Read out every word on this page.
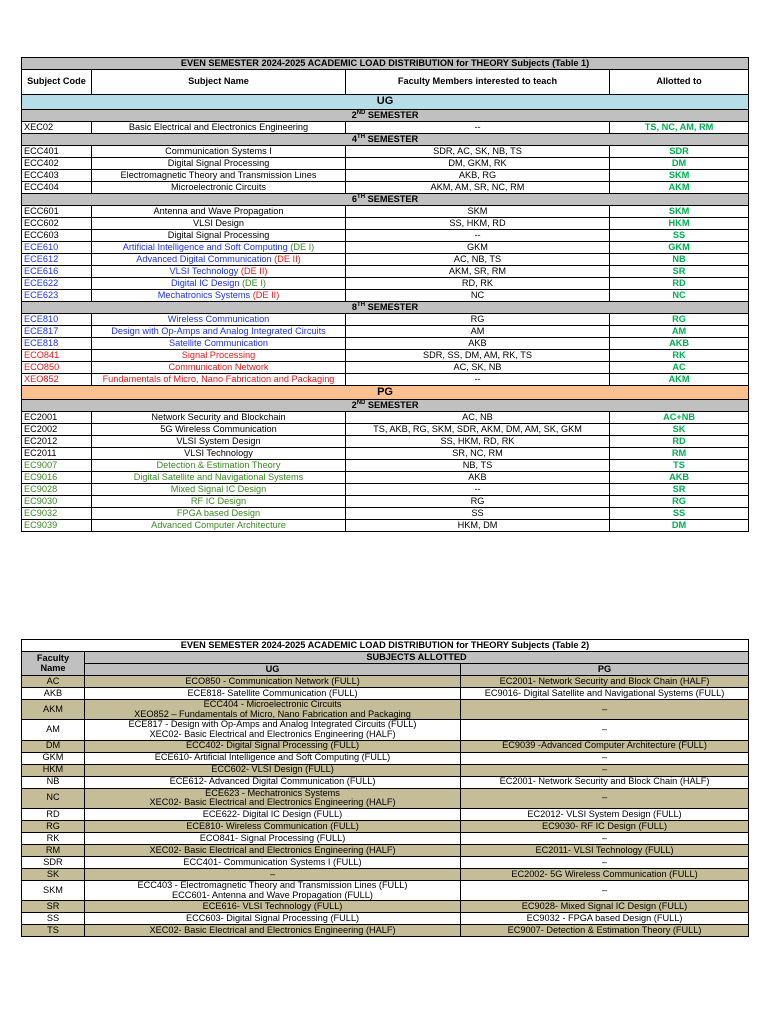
EVEN SEMESTER 2024-2025 ACADEMIC LOAD DISTRIBUTION for THEORY Subjects (Table 1)			
Subject Code	Subject Name	Faculty Members interested to teach	Allotted to
UG			
2ND SEMESTER			
XEC02	Basic Electrical and Electronics Engineering	--	TS, NC, AM, RM
4TH SEMESTER			
ECC401	Communication Systems I	SDR, AC, SK, NB, TS	SDR
ECC402	Digital Signal Processing	DM, GKM, RK	DM
ECC403	Electromagnetic Theory and Transmission Lines	AKB, RG	SKM
ECC404	Microelectronic Circuits	AKM, AM, SR, NC, RM	AKM
6TH SEMESTER			
ECC601	Antenna and Wave Propagation	SKM	SKM
ECC602	VLSI Design	SS, HKM, RD	HKM
ECC603	Digital Signal Processing	--	SS
ECE610	Artificial Intelligence and Soft Computing (DE I)	GKM	GKM
ECE612	Advanced Digital Communication (DE II)	AC, NB, TS	NB
ECE616	VLSI Technology (DE II)	AKM, SR, RM	SR
ECE622	Digital IC Design (DE I)	RD, RK	RD
ECE623	Mechatronics Systems (DE II)	NC	NC
8TH SEMESTER			
ECE810	Wireless Communication	RG	RG
ECE817	Design with Op-Amps and Analog Integrated Circuits	AM	AM
ECE818	Satellite Communication	AKB	AKB
ECO841	Signal Processing	SDR, SS, DM, AM, RK, TS	RK
ECO850	Communication Network	AC, SK, NB	AC
XEO852	Fundamentals of Micro, Nano Fabrication and Packaging	--	AKM
PG			
2ND SEMESTER			
EC2001	Network Security and Blockchain	AC, NB	AC+NB
EC2002	5G Wireless Communication	TS, AKB, RG, SKM, SDR, AKM, DM, AM, SK, GKM	SK
EC2012	VLSI System Design	SS, HKM, RD, RK	RD
EC2011	VLSI Technology	SR, NC, RM	RM
EC9007	Detection & Estimation Theory	NB, TS	TS
EC9016	Digital Satellite and Navigational Systems	AKB	AKB
EC9028	Mixed Signal IC Design	--	SR
EC9030	RF IC Design	RG	RG
EC9032	FPGA based Design	SS	SS
EC9039	Advanced Computer Architecture	HKM, DM	DM
EVEN SEMESTER 2024-2025 ACADEMIC LOAD DISTRIBUTION for THEORY Subjects (Table 2)		
Faculty Name	SUBJECTS ALLOTTED	
	UG	PG
AC	ECO850 - Communication Network (FULL)	EC2001- Network Security and Block Chain (HALF)

AKB	ECE818- Satellite Communication (FULL)	EC9016- Digital Satellite and Navigational Systems (FULL)

AKM	ECC404 - Microelectronic Circuits
XEO852 – Fundamentals of Micro, Nano Fabrication and Packaging	–

AM	ECE817 - Design with Op-Amps and Analog Integrated Circuits (FULL)
XEC02- Basic Electrical and Electronics Engineering (HALF)	–

DM	ECC402- Digital Signal Processing (FULL)	EC9039 -Advanced Computer Architecture (FULL)

GKM	ECE610- Artificial Intelligence and Soft Computing (FULL)	–

HKM	ECC602- VLSI Design (FULL)	–

NB	ECE612- Advanced Digital Communication (FULL)	EC2001- Network Security and Block Chain (HALF)

NC	ECE623 - Mechatronics Systems
XEC02- Basic Electrical and Electronics Engineering (HALF)	–

RD	ECE622- Digital IC Design (FULL)	EC2012- VLSI System Design (FULL)

RG	ECE810- Wireless Communication (FULL)	EC9030- RF IC Design (FULL)

RK	ECO841- Signal Processing (FULL)	–

RM	XEC02- Basic Electrical and Electronics Engineering (HALF)	EC2011- VLSI Technology (FULL)

SDR	ECC401- Communication Systems I (FULL)	–

SK	–	EC2002- 5G Wireless Communication (FULL)

SKM	ECC403 - Electromagnetic Theory and Transmission Lines (FULL)
ECC601- Antenna and Wave Propagation (FULL)	–

SR	ECE616- VLSI Technology (FULL)	EC9028- Mixed Signal IC Design (FULL)

SS	ECC603- Digital Signal Processing (FULL)	EC9032 - FPGA based Design (FULL)

TS	XEC02- Basic Electrical and Electronics Engineering (HALF)	EC9007- Detection & Estimation Theory (FULL)
